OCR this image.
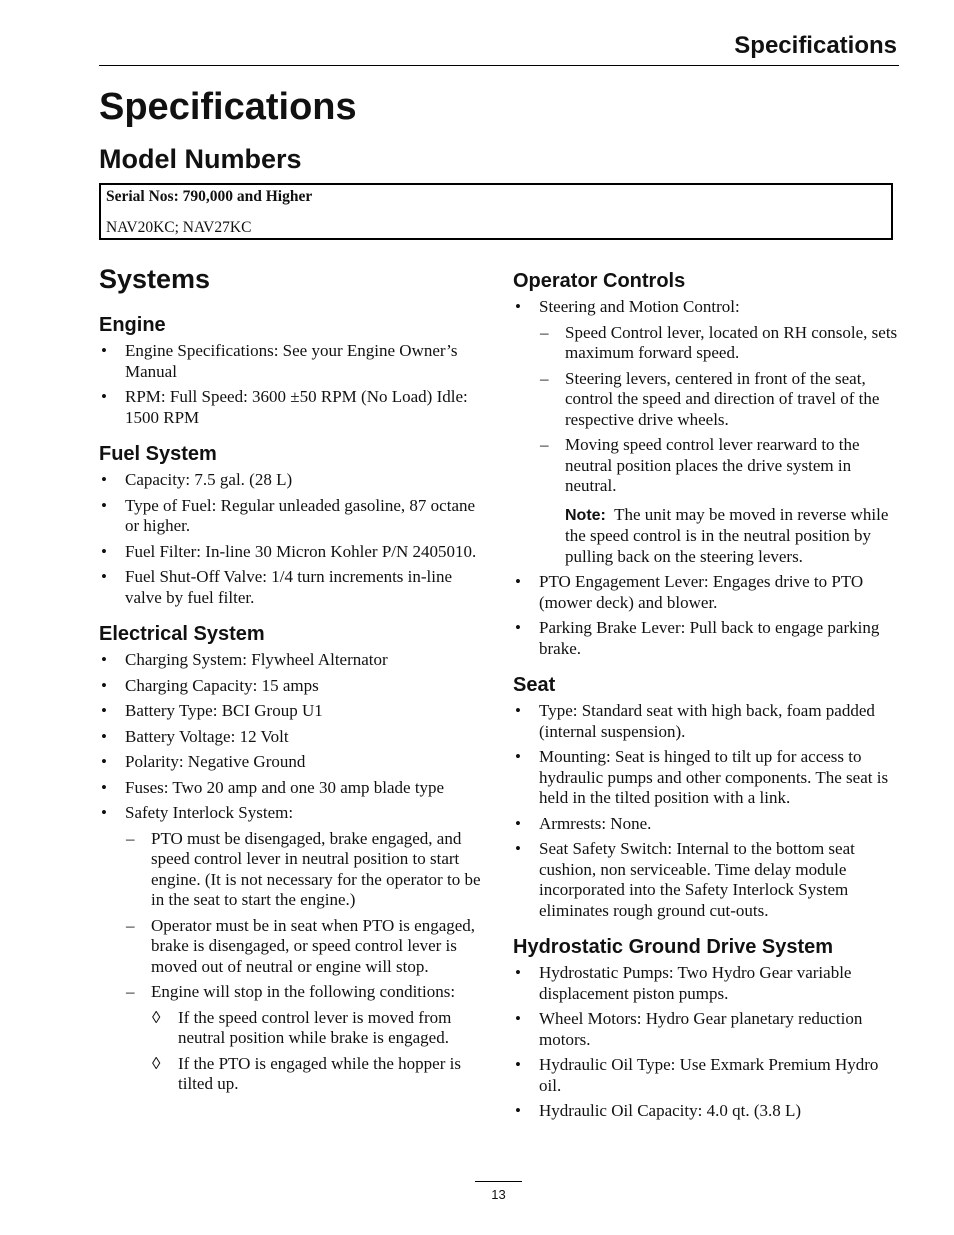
Specifications
Specifications
Model Numbers
Serial Nos: 790,000 and Higher
NAV20KC; NAV27KC
Systems
Engine
• Engine Specifications: See your Engine Owner’s Manual
• RPM: Full Speed: 3600 ±50 RPM (No Load) Idle: 1500 RPM
Fuel System
• Capacity: 7.5 gal. (28 L)
• Type of Fuel: Regular unleaded gasoline, 87 octane or higher.
• Fuel Filter: In-line 30 Micron Kohler P/N 2405010.
• Fuel Shut-Off Valve: 1/4 turn increments in-line valve by fuel filter.
Electrical System
• Charging System: Flywheel Alternator
• Charging Capacity: 15 amps
• Battery Type: BCI Group U1
• Battery Voltage: 12 Volt
• Polarity: Negative Ground
• Fuses: Two 20 amp and one 30 amp blade type
• Safety Interlock System:
– PTO must be disengaged, brake engaged, and speed control lever in neutral position to start engine. (It is not necessary for the operator to be in the seat to start the engine.)
– Operator must be in seat when PTO is engaged, brake is disengaged, or speed control lever is moved out of neutral or engine will stop.
– Engine will stop in the following conditions:
◊ If the speed control lever is moved from neutral position while brake is engaged.
◊ If the PTO is engaged while the hopper is tilted up.
Operator Controls
• Steering and Motion Control:
– Speed Control lever, located on RH console, sets maximum forward speed.
– Steering levers, centered in front of the seat, control the speed and direction of travel of the respective drive wheels.
– Moving speed control lever rearward to the neutral position places the drive system in neutral.
Note: The unit may be moved in reverse while the speed control is in the neutral position by pulling back on the steering levers.
• PTO Engagement Lever: Engages drive to PTO (mower deck) and blower.
• Parking Brake Lever: Pull back to engage parking brake.
Seat
• Type: Standard seat with high back, foam padded (internal suspension).
• Mounting: Seat is hinged to tilt up for access to hydraulic pumps and other components. The seat is held in the tilted position with a link.
• Armrests: None.
• Seat Safety Switch: Internal to the bottom seat cushion, non serviceable. Time delay module incorporated into the Safety Interlock System eliminates rough ground cut-outs.
Hydrostatic Ground Drive System
• Hydrostatic Pumps: Two Hydro Gear variable displacement piston pumps.
• Wheel Motors: Hydro Gear planetary reduction motors.
• Hydraulic Oil Type: Use Exmark Premium Hydro oil.
• Hydraulic Oil Capacity: 4.0 qt. (3.8 L)
13
